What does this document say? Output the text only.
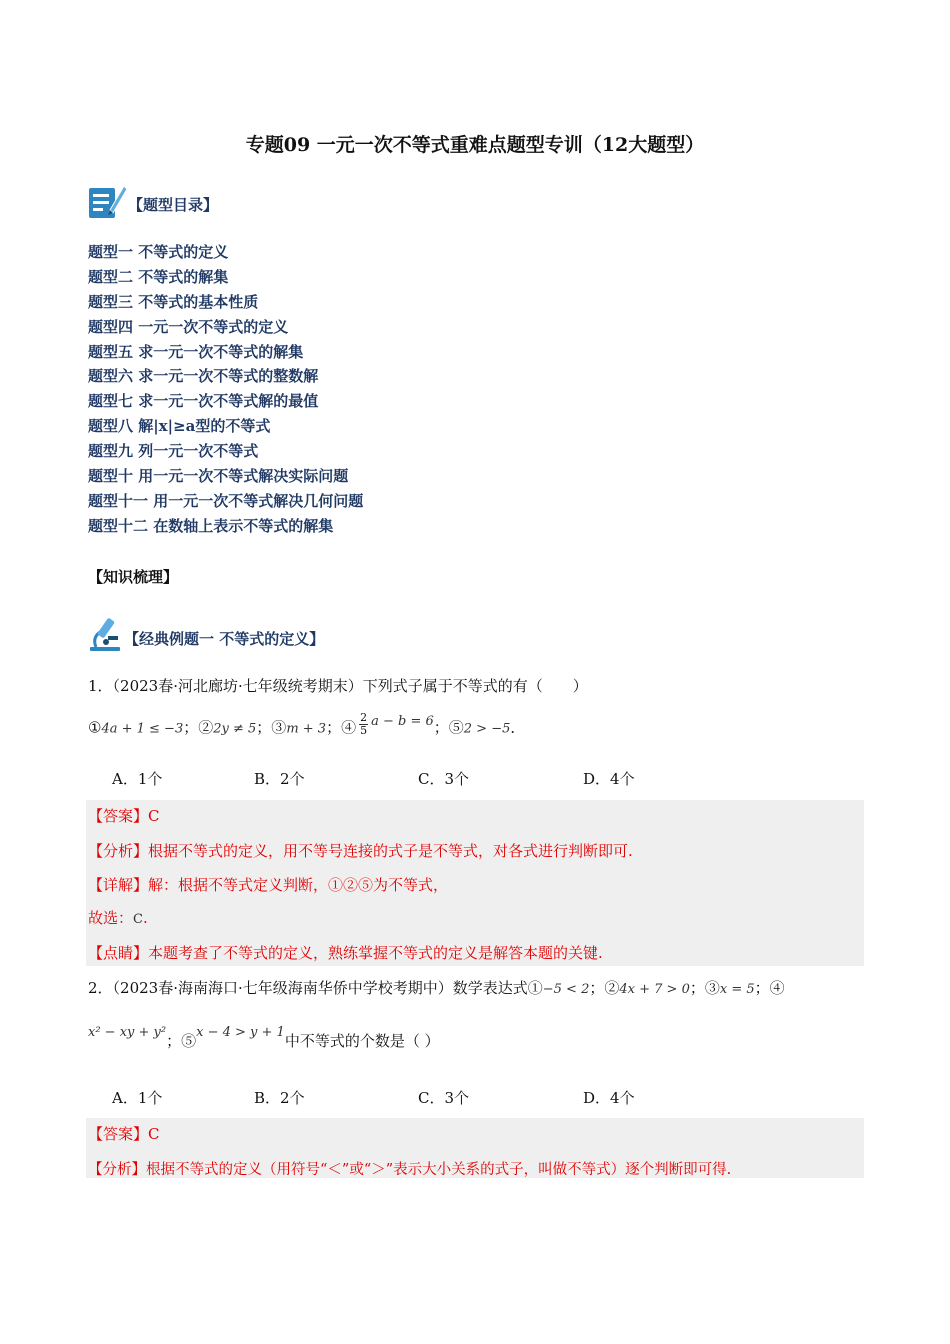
专题09 一元一次不等式重难点题型专训（12大题型）
【题型目录】
题型一 不等式的定义
题型二 不等式的解集
题型三 不等式的基本性质
题型四 一元一次不等式的定义
题型五 求一元一次不等式的解集
题型六 求一元一次不等式的整数解
题型七 求一元一次不等式解的最值
题型八 解|x|≥a型的不等式
题型九 列一元一次不等式
题型十 用一元一次不等式解决实际问题
题型十一 用一元一次不等式解决几何问题
题型十二 在数轴上表示不等式的解集
【知识梳理】
【经典例题一 不等式的定义】
1．（2023春·河北廊坊·七年级统考期末）下列式子属于不等式的有（　　）
①4a + 1 ≤ −3；②2y ≠ 5；③m + 3；④ $\frac{2}{5}$ a − b = 6；⑤2 > −5．
A．1个	B．2个	C．3个	D．4个
【答案】C
【分析】根据不等式的定义，用不等号连接的式子是不等式，对各式进行判断即可.
【详解】解：根据不等式定义判断，①②⑤为不等式，
故选：C.
【点睛】本题考查了不等式的定义，熟练掌握不等式的定义是解答本题的关键.
2．（2023春·海南海口·七年级海南华侨中学校考期中）数学表达式①−5 < 2；②4x + 7 > 0；③x = 5；④
x² − xy + y²；⑤x − 4 > y + 1中不等式的个数是（ ）
A．1个	B．2个	C．3个	D．4个
【答案】C
【分析】根据不等式的定义（用符号“＜”或“＞”表示大小关系的式子，叫做不等式）逐个判断即可得.
